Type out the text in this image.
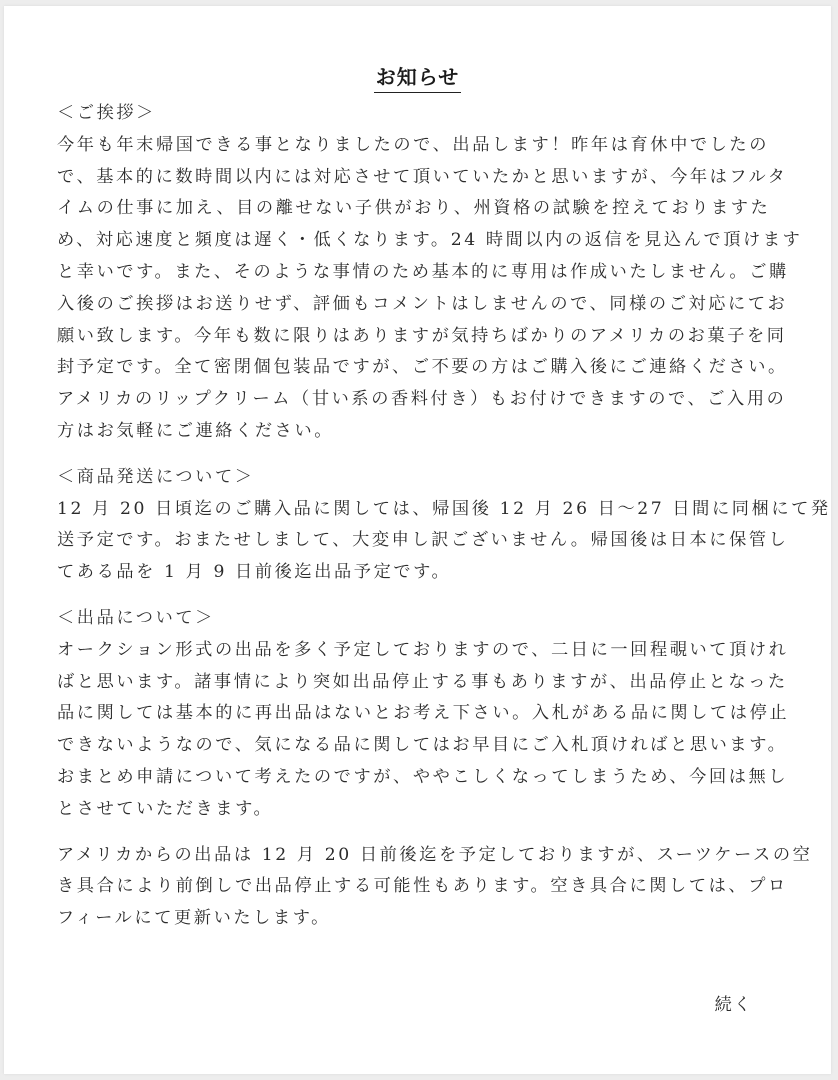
お知らせ
＜ご挨拶＞
今年も年末帰国できる事となりましたので、出品します！昨年は育休中でしたの
で、基本的に数時間以内には対応させて頂いていたかと思いますが、今年はフルタ
イムの仕事に加え、目の離せない子供がおり、州資格の試験を控えておりますた
め、対応速度と頻度は遅く・低くなります。24 時間以内の返信を見込んで頂けます
と幸いです。また、そのような事情のため基本的に専用は作成いたしません。ご購
入後のご挨拶はお送りせず、評価もコメントはしませんので、同様のご対応にてお
願い致します。今年も数に限りはありますが気持ちばかりのアメリカのお菓子を同
封予定です。全て密閉個包装品ですが、ご不要の方はご購入後にご連絡ください。
アメリカのリップクリーム（甘い系の香料付き）もお付けできますので、ご入用の
方はお気軽にご連絡ください。
＜商品発送について＞
12 月 20 日頃迄のご購入品に関しては、帰国後 12 月 26 日～27 日間に同梱にて発
送予定です。おまたせしまして、大変申し訳ございません。帰国後は日本に保管し
てある品を 1 月 9 日前後迄出品予定です。
＜出品について＞
オークション形式の出品を多く予定しておりますので、二日に一回程覗いて頂けれ
ばと思います。諸事情により突如出品停止する事もありますが、出品停止となった
品に関しては基本的に再出品はないとお考え下さい。入札がある品に関しては停止
できないようなので、気になる品に関してはお早目にご入札頂ければと思います。
おまとめ申請について考えたのですが、ややこしくなってしまうため、今回は無し
とさせていただきます。
アメリカからの出品は 12 月 20 日前後迄を予定しておりますが、スーツケースの空
き具合により前倒しで出品停止する可能性もあります。空き具合に関しては、プロ
フィールにて更新いたします。
続く
